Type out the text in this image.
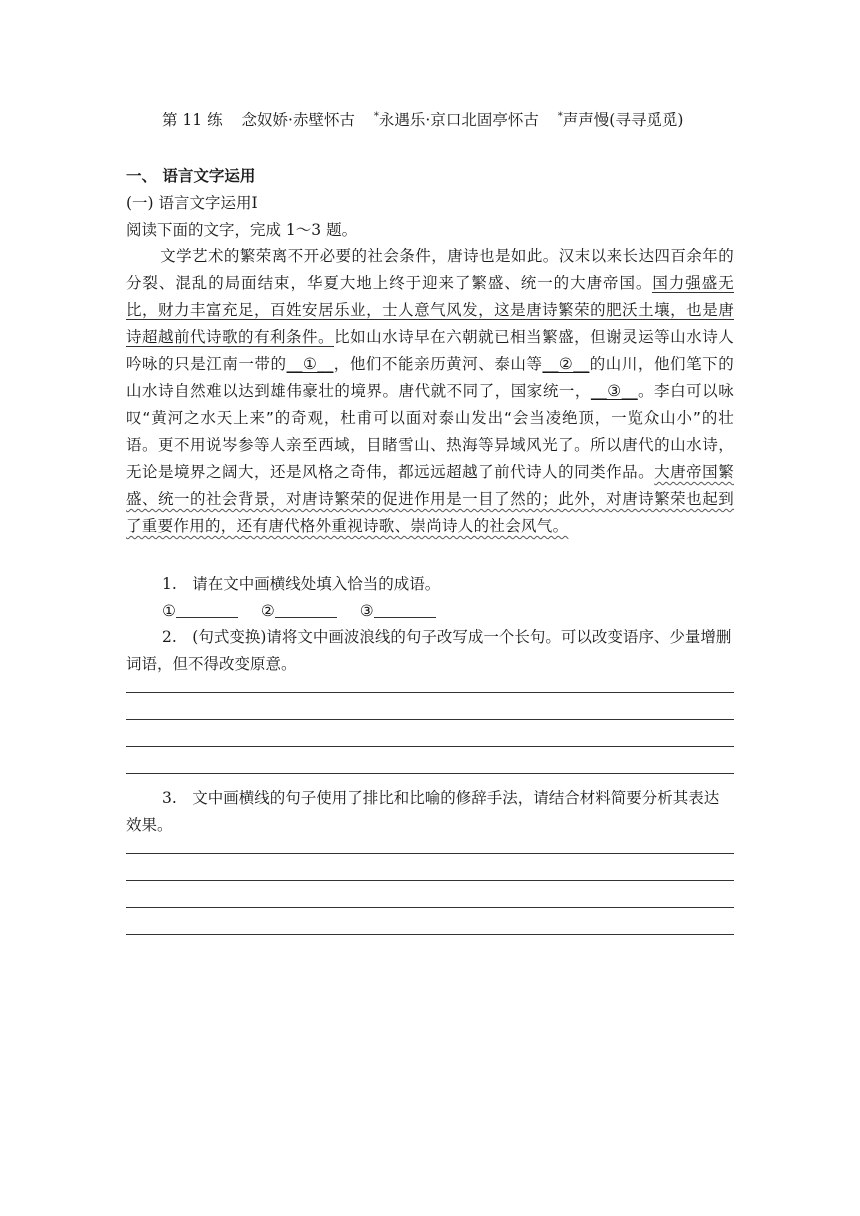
第 11 练 念奴娇·赤壁怀古 *永遇乐·京口北固亭怀古 *声声慢(寻寻觅觅)
一、 语言文字运用
(一) 语言文字运用Ⅰ
阅读下面的文字，完成 1～3 题。
文学艺术的繁荣离不开必要的社会条件，唐诗也是如此。汉末以来长达四百余年的分裂、混乱的局面结束，华夏大地上终于迎来了繁盛、统一的大唐帝国。国力强盛无比，财力丰富充足，百姓安居乐业，士人意气风发，这是唐诗繁荣的肥沃土壤，也是唐诗超越前代诗歌的有利条件。比如山水诗早在六朝就已相当繁盛，但谢灵运等山水诗人吟咏的只是江南一带的__①__，他们不能亲历黄河、泰山等__②__的山川，他们笔下的山水诗自然难以达到雄伟豪壮的境界。唐代就不同了，国家统一，__③__。李白可以咏叹“黄河之水天上来”的奇观，杜甫可以面对泰山发出“会当凌绝顶，一览众山小”的壮语。更不用说岑参等人亲至西域，目睹雪山、热海等异域风光了。所以唐代的山水诗，无论是境界之阔大，还是风格之奇伟，都远远超越了前代诗人的同类作品。大唐帝国繁盛、统一的社会背景，对唐诗繁荣的促进作用是一目了然的；此外，对唐诗繁荣也起到了重要作用的，还有唐代格外重视诗歌、崇尚诗人的社会风气。
1.　请在文中画横线处填入恰当的成语。
①	②	③
2.　(句式变换)请将文中画波浪线的句子改写成一个长句。可以改变语序、少量增删词语，但不得改变原意。
3.　文中画横线的句子使用了排比和比喻的修辞手法，请结合材料简要分析其表达效果。
